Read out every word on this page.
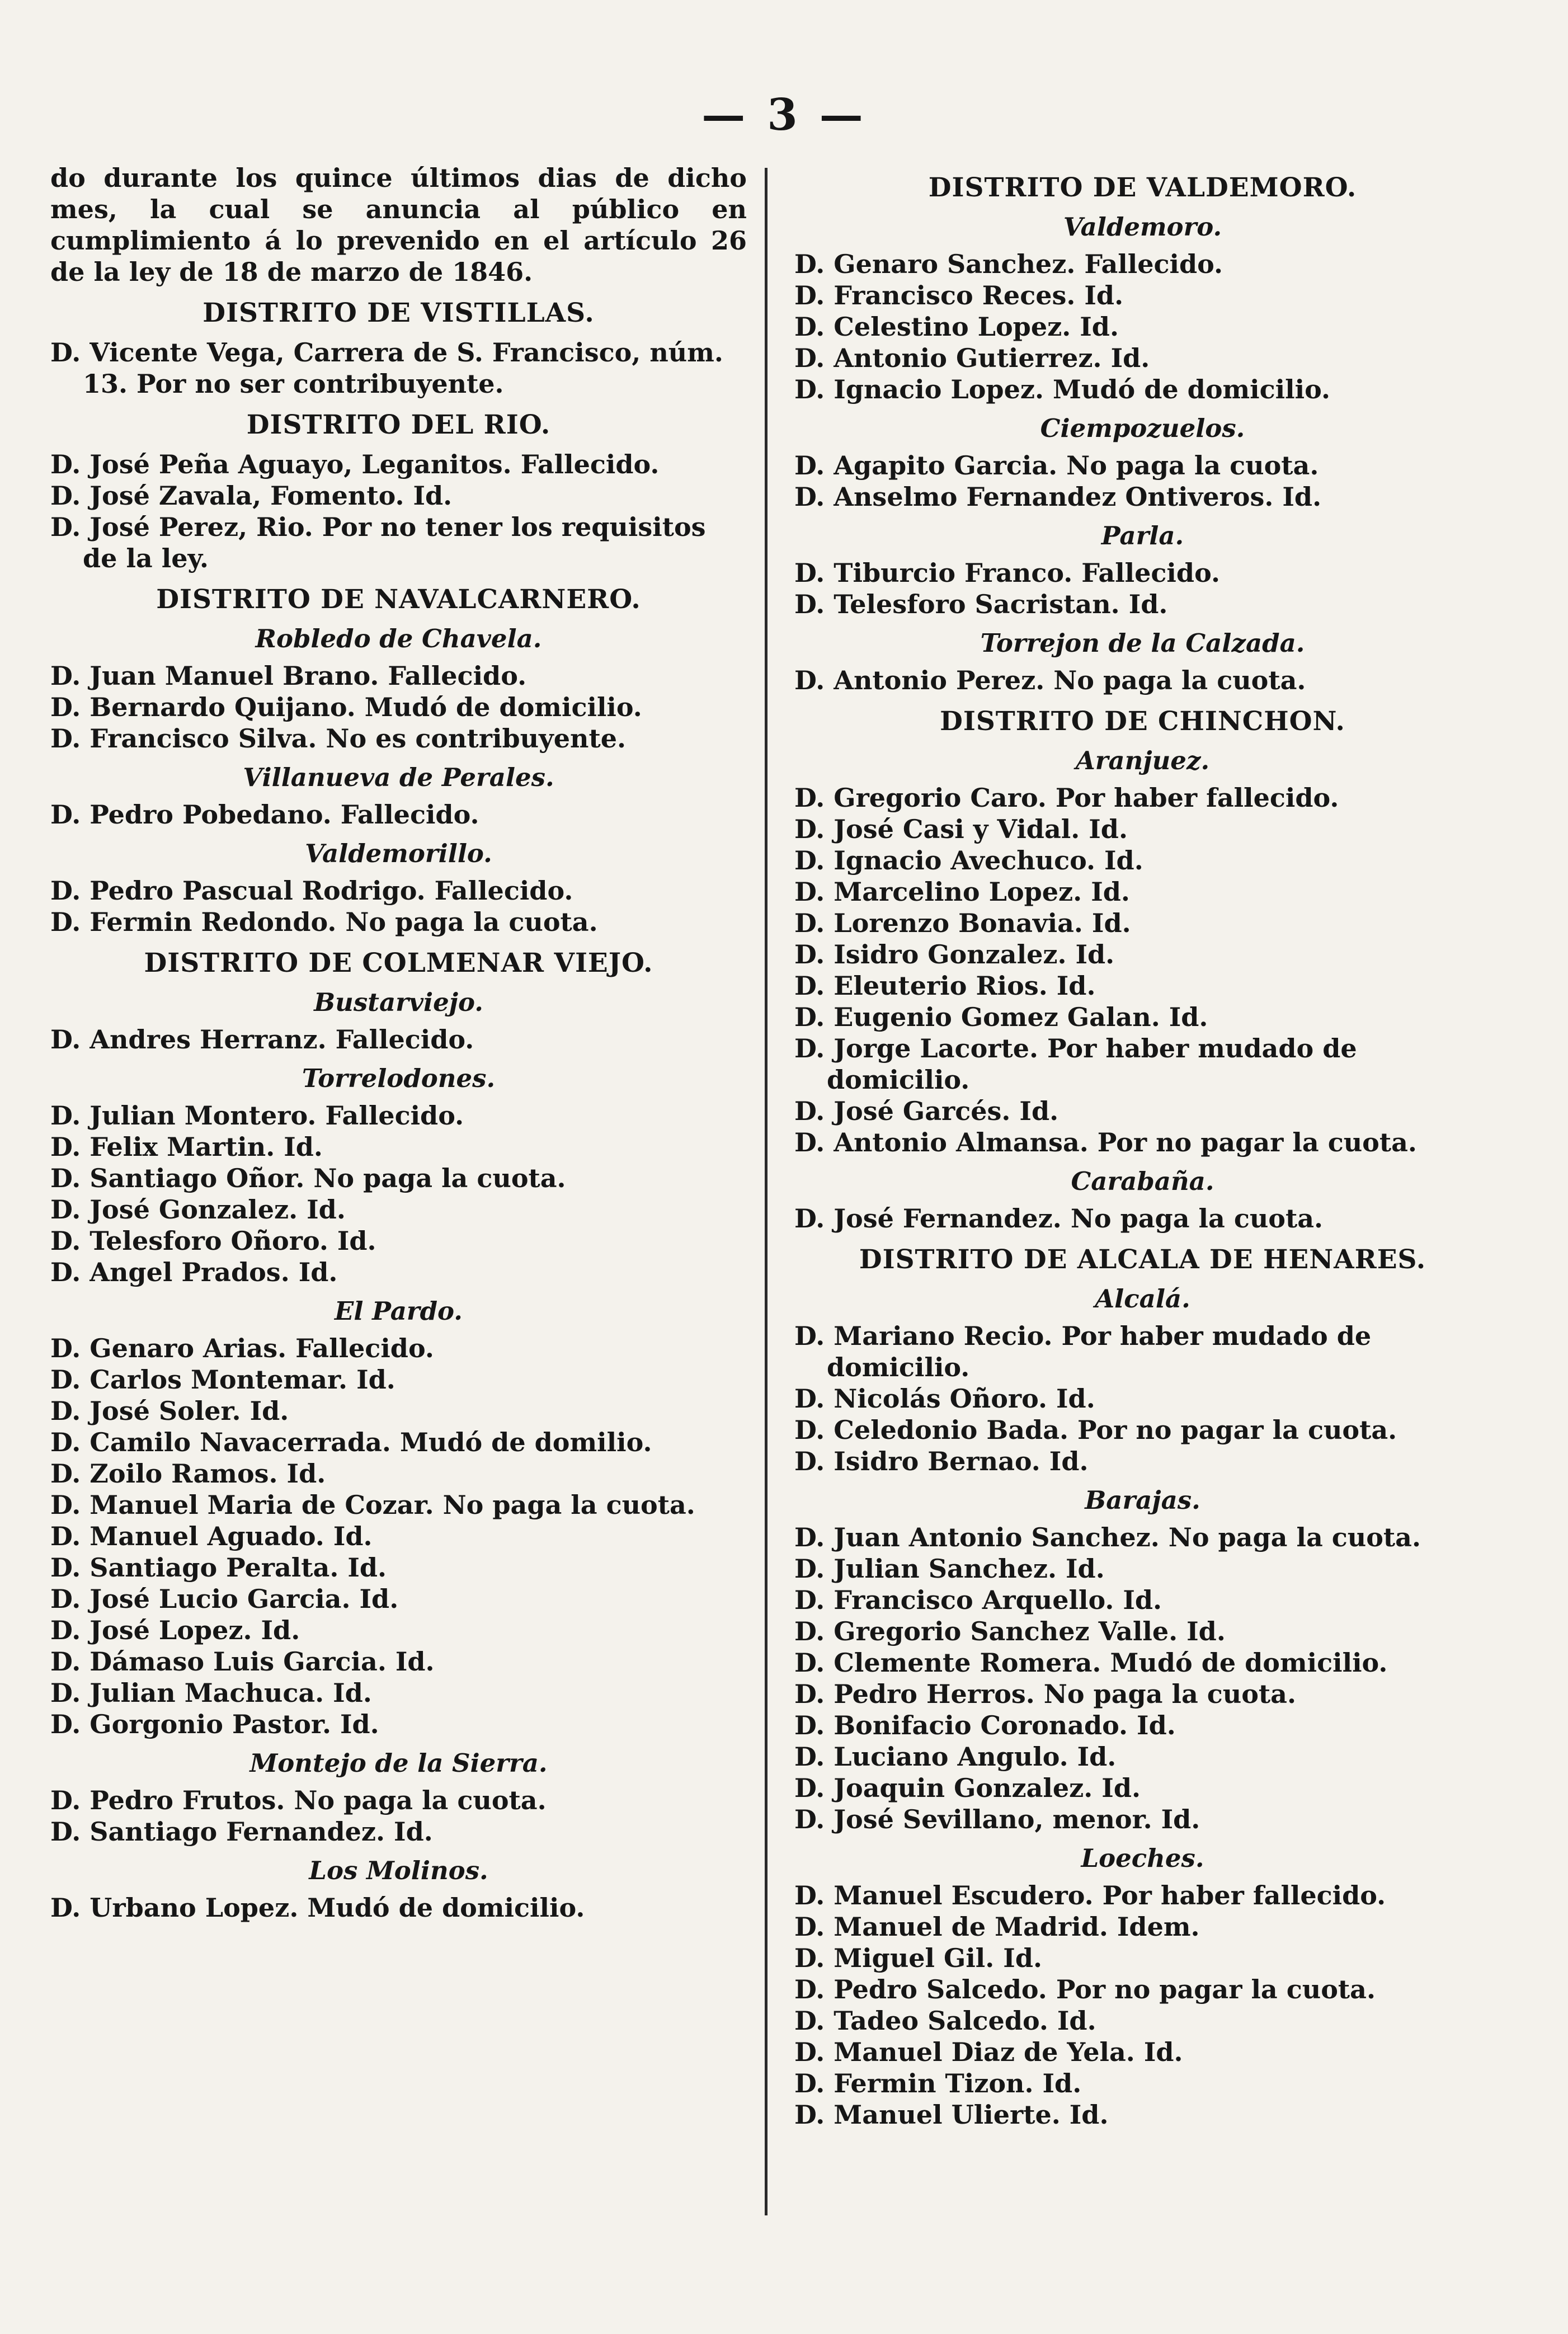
— 3 —

do durante los quince últimos dias de dicho mes, la cual se anuncia al público en cumplimiento á lo prevenido en el artículo 26 de la ley de 18 de marzo de 1846.

DISTRITO DE VISTILLAS.

D. Vicente Vega, Carrera de S. Francisco, núm. 13. Por no ser contribuyente.

DISTRITO DEL RIO.

D. José Peña Aguayo, Leganitos. Fallecido.

D. José Zavala, Fomento. Id.

D. José Perez, Rio. Por no tener los requisitos de la ley.

DISTRITO DE NAVALCARNERO.
Robledo de Chavela.

D. Juan Manuel Brano. Fallecido.

D. Bernardo Quijano. Mudó de domicilio.

D. Francisco Silva. No es contribuyente.

Villanueva de Perales.

D. Pedro Pobedano. Fallecido.

Valdemorillo.

D. Pedro Pascual Rodrigo. Fallecido.

D. Fermin Redondo. No paga la cuota.

DISTRITO DE COLMENAR VIEJO.
Bustarviejo.

D. Andres Herranz. Fallecido.

Torrelodones.

D. Julian Montero. Fallecido.

D. Felix Martin. Id.

D. Santiago Oñor. No paga la cuota.

D. José Gonzalez. Id.

D. Telesforo Oñoro. Id.

D. Angel Prados. Id.

El Pardo.

D. Genaro Arias. Fallecido.

D. Carlos Montemar. Id.

D. José Soler. Id.

D. Camilo Navacerrada. Mudó de domilio.

D. Zoilo Ramos. Id.

D. Manuel Maria de Cozar. No paga la cuota.

D. Manuel Aguado. Id.

D. Santiago Peralta. Id.

D. José Lucio Garcia. Id.

D. José Lopez. Id.

D. Dámaso Luis Garcia. Id.

D. Julian Machuca. Id.

D. Gorgonio Pastor. Id.

Montejo de la Sierra.

D. Pedro Frutos. No paga la cuota.

D. Santiago Fernandez. Id.

Los Molinos.

D. Urbano Lopez. Mudó de domicilio.

DISTRITO DE VALDEMORO.
Valdemoro.

D. Genaro Sanchez. Fallecido.

D. Francisco Reces. Id.

D. Celestino Lopez. Id.

D. Antonio Gutierrez. Id.

D. Ignacio Lopez. Mudó de domicilio.

Ciempozuelos.

D. Agapito Garcia. No paga la cuota.

D. Anselmo Fernandez Ontiveros. Id.

Parla.

D. Tiburcio Franco. Fallecido.

D. Telesforo Sacristan. Id.

Torrejon de la Calzada.

D. Antonio Perez. No paga la cuota.

DISTRITO DE CHINCHON.
Aranjuez.

D. Gregorio Caro. Por haber fallecido.

D. José Casi y Vidal. Id.

D. Ignacio Avechuco. Id.

D. Marcelino Lopez. Id.

D. Lorenzo Bonavia. Id.

D. Isidro Gonzalez. Id.

D. Eleuterio Rios. Id.

D. Eugenio Gomez Galan. Id.

D. Jorge Lacorte. Por haber mudado de domicilio.

D. José Garcés. Id.

D. Antonio Almansa. Por no pagar la cuota.

Carabaña.

D. José Fernandez. No paga la cuota.

DISTRITO DE ALCALA DE HENARES.
Alcalá.

D. Mariano Recio. Por haber mudado de domicilio.

D. Nicolás Oñoro. Id.

D. Celedonio Bada. Por no pagar la cuota.

D. Isidro Bernao. Id.

Barajas.

D. Juan Antonio Sanchez. No paga la cuota.

D. Julian Sanchez. Id.

D. Francisco Arquello. Id.

D. Gregorio Sanchez Valle. Id.

D. Clemente Romera. Mudó de domicilio.

D. Pedro Herros. No paga la cuota.

D. Bonifacio Coronado. Id.

D. Luciano Angulo. Id.

D. Joaquin Gonzalez. Id.

D. José Sevillano, menor. Id.

Loeches.

D. Manuel Escudero. Por haber fallecido.

D. Manuel de Madrid. Idem.

D. Miguel Gil. Id.

D. Pedro Salcedo. Por no pagar la cuota.

D. Tadeo Salcedo. Id.

D. Manuel Diaz de Yela. Id.

D. Fermin Tizon. Id.

D. Manuel Ulierte. Id.
